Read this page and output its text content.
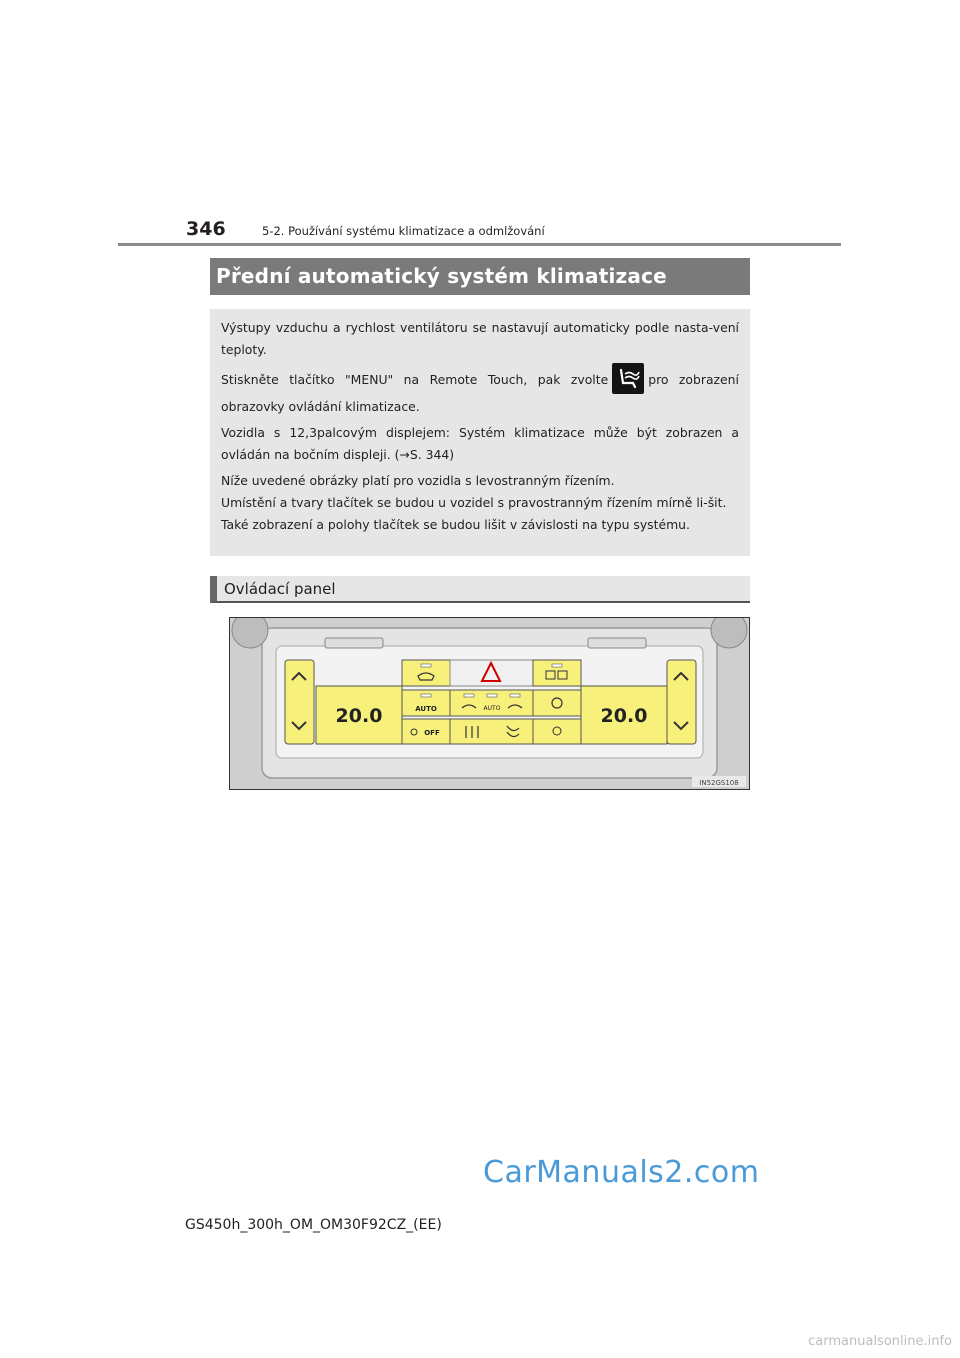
346	5-2. Používání systému klimatizace a odmlžování
Přední automatický systém klimatizace

Výstupy vzduchu a rychlost ventilátoru se nastavují automaticky podle nasta-vení teploty.

Stiskněte tlačítko "MENU" na Remote Touch, pak zvolte	pro zobrazení obrazovky ovládání klimatizace.

Vozidla s 12,3palcovým displejem: Systém klimatizace může být zobrazen a ovládán na bočním displeji. (→S. 344)

Níže uvedené obrázky platí pro vozidla s levostranným řízením.

Umístění a tvary tlačítek se budou u vozidel s pravostranným řízením mírně li-šit.

Také zobrazení a polohy tlačítek se budou lišit v závislosti na typu systému.

Ovládací panel
20.0	20.0
AUTO	AUTO
OFF
IN52GS108
CarManuals2.com
GS450h_300h_OM_OM30F92CZ_(EE)
carmanualsonline.info
